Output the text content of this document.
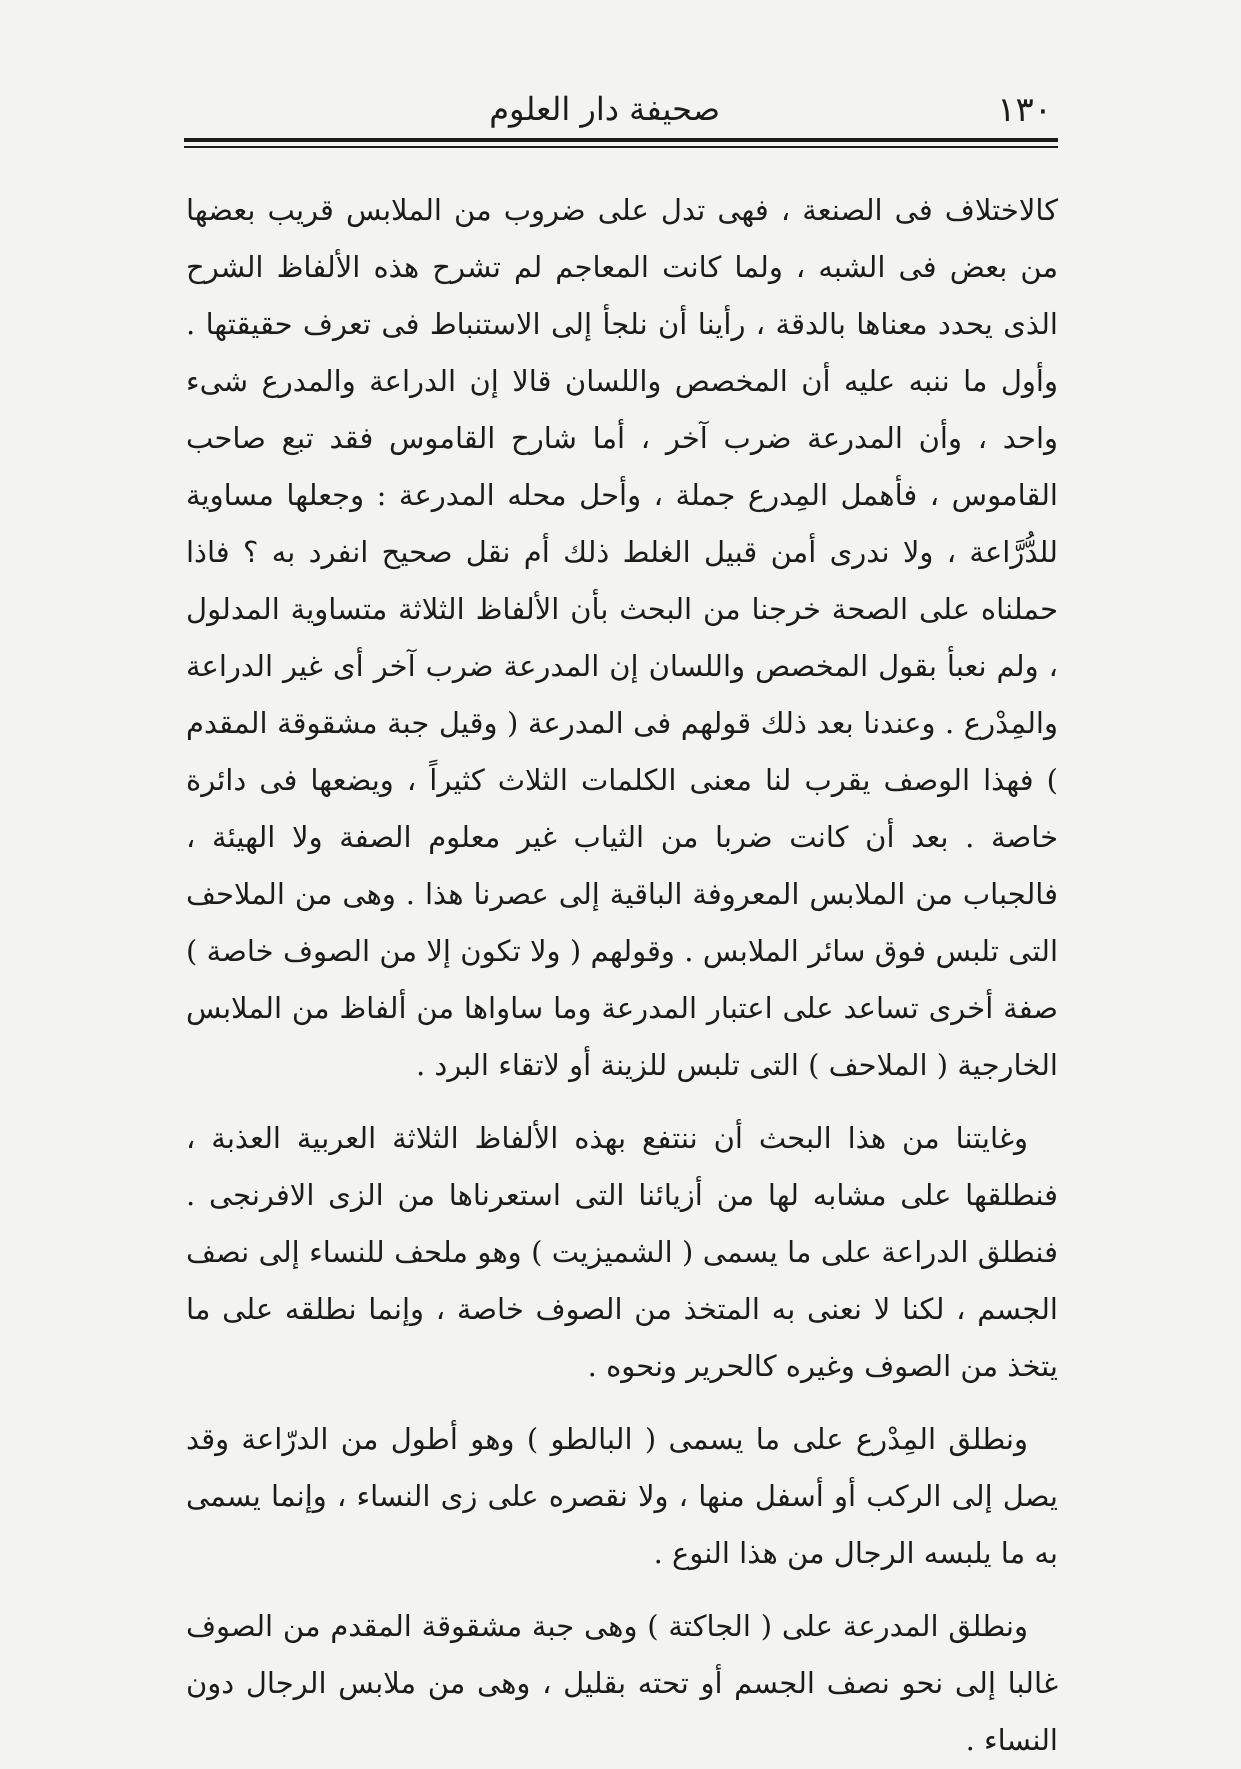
١٣٠
صحيفة دار العلوم

كالاختلاف فى الصنعة ، فهى تدل على ضروب من الملابس قريب بعضها من بعض فى الشبه ، ولما كانت المعاجم لم تشرح هذه الألفاظ الشرح الذى يحدد معناها بالدقة ، رأينا أن نلجأ إلى الاستنباط فى تعرف حقيقتها . وأول ما ننبه عليه أن المخصص واللسان قالا إن الدراعة والمدرع شىء واحد ، وأن المدرعة ضرب آخر ، أما شارح القاموس فقد تبع صاحب القاموس ، فأهمل المِدرع جملة ، وأحل محله المدرعة : وجعلها مساوية للدُّرَّاعة ، ولا ندرى أمن قبيل الغلط ذلك أم نقل صحيح انفرد به ؟ فاذا حملناه على الصحة خرجنا من البحث بأن الألفاظ الثلاثة متساوية المدلول ، ولم نعبأ بقول المخصص واللسان إن المدرعة ضرب آخر أى غير الدراعة والمِدْرع . وعندنا بعد ذلك قولهم فى المدرعة ( وقيل جبة مشقوقة المقدم ) فهذا الوصف يقرب لنا معنى الكلمات الثلاث كثيراً ، ويضعها فى دائرة خاصة . بعد أن كانت ضربا من الثياب غير معلوم الصفة ولا الهيئة ، فالجباب من الملابس المعروفة الباقية إلى عصرنا هذا . وهى من الملاحف التى تلبس فوق سائر الملابس . وقولهم ( ولا تكون إلا من الصوف خاصة ) صفة أخرى تساعد على اعتبار المدرعة وما ساواها من ألفاظ من الملابس الخارجية ( الملاحف ) التى تلبس للزينة أو لاتقاء البرد .

وغايتنا من هذا البحث أن ننتفع بهذه الألفاظ الثلاثة العربية العذبة ، فنطلقها على مشابه لها من أزيائنا التى استعرناها من الزى الافرنجى . فنطلق الدراعة على ما يسمى ( الشميزيت ) وهو ملحف للنساء إلى نصف الجسم ، لكنا لا نعنى به المتخذ من الصوف خاصة ، وإنما نطلقه على ما يتخذ من الصوف وغيره كالحرير ونحوه .

ونطلق المِدْرع على ما يسمى ( البالطو ) وهو أطول من الدرّاعة وقد يصل إلى الركب أو أسفل منها ، ولا نقصره على زى النساء ، وإنما يسمى به ما يلبسه الرجال من هذا النوع .

ونطلق المدرعة على ( الجاكتة ) وهى جبة مشقوقة المقدم من الصوف غالبا إلى نحو نصف الجسم أو تحته بقليل ، وهى من ملابس الرجال دون النساء .
